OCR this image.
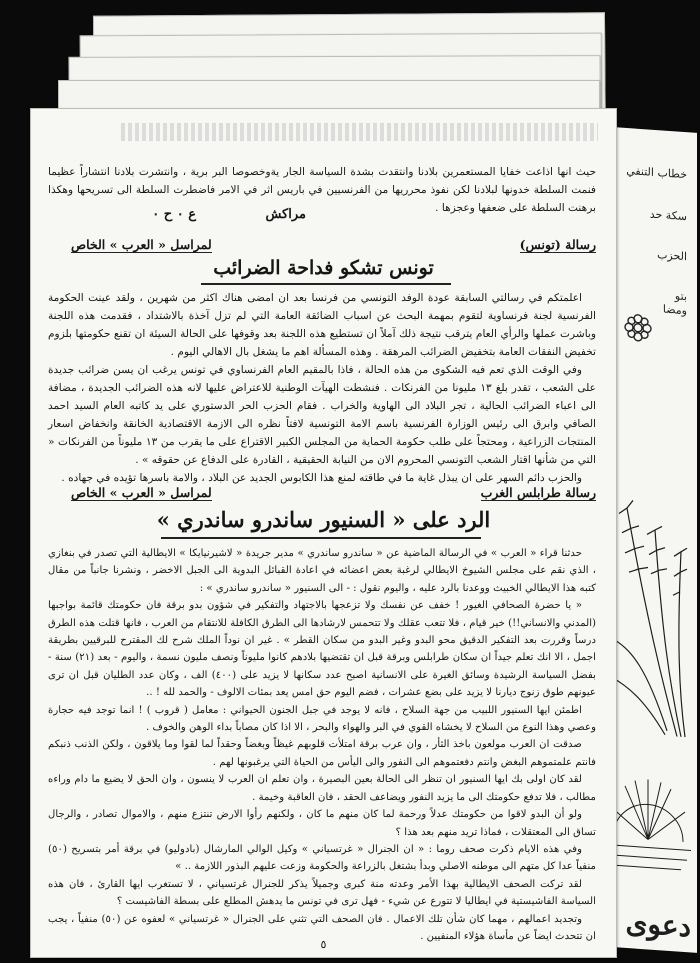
خطاب التنفي
سكة حد
الحزب
بتو
ومضا
دعوى

حيث انها اذاعت خفايا المستعمرين بلادنا وانتقدت بشدة السياسة الجار يةوخصوصا البر برية ، وانتشرت بلادنا انتشاراً عظيما فنمت السلطة خدونها لبلادنا لكن نفوذ محرريها من الفرنسيين في باريس اثر في الامر فاضطرت السلطة الى تسريحها وهكذا برهنت السلطة على ضعفها وعجزها .

مراكش
ع ٠ ح ٠
رسالة (تونس)
لمراسل « العرب » الخاص
تونس تشكو فداحة الضرائب

اعلمتكم في رسالتي السابقة عودة الوفد التونسي من فرنسا بعد ان امضى هناك اكثر من شهرين ، ولقد عينت الحكومة الفرنسية لجنة فرنساوية لتقوم بمهمة البحث عن اسباب الضائقة العامة التي لم تزل آخذة بالاشتداد ، فقدمت هذه اللجنة وباشرت عملها والرأي العام يترقب نتيجة ذلك آملاً ان تستطيع هذه اللجنة بعد وقوفها على الحالة السيئة ان تقنع حكومتها بلزوم تخفيض النفقات العامة بتخفيض الضرائب المرهقة . وهذه المسألة اهم ما يشغل بال الاهالي اليوم .

وفي الوقت الذي تعم فيه الشكوى من هذه الحالة ، فاذا بالمقيم العام الفرنساوي في تونس يرغب ان يسن ضرائب جديدة على الشعب ، تقدر بلغ ١٣ مليونا من الفرنكات . فنشطت الهيآت الوطنية للاعتراض عليها لانه هذه الضرائب الجديدة ، مضافة الى اعباء الضرائب الحالية ، تجر البلاد الى الهاوية والخراب . فقام الحزب الحر الدستوري على يد كاتبه العام السيد احمد الصافي وابرق الى رئيس الوزارة الفرنسية باسم الامة التونسية لافتاً نظره الى الازمة الاقتصادية الخانقة وانخفاض اسعار المنتجات الزراعية ، ومحتجاً على طلب حكومة الحماية من المجلس الكبير الاقتراع على ما يقرب من ١٣ مليوناً من الفرنكات « التي من شأنها اقتار الشعب التونسي المحروم الان من النيابة الحقيقية ، القادرة على الدفاع عن حقوقه » .

والحزب دائم السهر على ان يبذل غاية ما في طاقته لمنع هذا الكابوس الجديد عن البلاد ، والامة باسرها تؤيده في جهاده .

رسالة طرابلس الغرب
لمراسل « العرب » الخاص
الرد على « السنيور ساندرو ساندري »

حدثنا قراء « العرب » في الرسالة الماضية عن « ساندرو ساندري » مدير جريدة « لاشيرنيايكا » الايطالية التي تصدر في بنغازي ، الذي نقم على مجلس الشيوخ الايطالي لرغبة بعض اعضائه في اعادة القبائل البدوية الى الجبل الاخضر ، ونشرنا جانباً من مقال كتبه هذا الايطالي الخبيث ووعدنا بالرد عليه ، واليوم نقول : - الى السنيور « ساندرو ساندري » :

« يا حضرة الصحافي الغيور ! خفف عن نفسك ولا تزعجها بالاجتهاد والتفكير في شؤون بدو برقة فان حكومتك قائمة بواجبها (المدني والانساني!!) خير قيام ، فلا تتعب عقلك ولا تتحمس لارشادها الى الطرق الكافلة للانتقام من العرب ، فانها قتلت هذه الطرق درساً وقررت بعد التفكير الدقيق محو البدو وغير البدو من سكان القطر » . غير ان نوداً الملك شرح لك المقترح للبرقيين بطريقة اجمل ، الا انك تعلم جيداً ان سكان طرابلس وبرقة قبل ان تقتضيها بلادهم كانوا مليوناً ونصف مليون نسمة ، واليوم - بعد (٢١) سنة - بفضل السياسة الرشيدة وسائق الغيرة على الانسانية اصبح عدد سكانها لا يزيد على (٤٠٠) الف ، وكان عدد الطليان قبل ان ترى عيونهم طوق زنوج ديارنا لا يزيد على بضع عشرات ، فضم اليوم حق امس يعد بمئات الالوف - والحمد لله ! ..

اطمئن ايها السنيور اللبيب من جهة السلاح ، فانه لا يوجد في جبل الجنون الحيواني : معامل ( قروب ) ! انما توجد فيه حجارة وعصي وهذا النوع من السلاح لا يخشاه القوي في البر والهواء والبحر ، الا اذا كان مصاباً بداء الوهن والخوف .

صدقت ان العرب مولعون باخذ الثأر ، وان عرب برقة امتلأت قلوبهم غيظاً وبغضاً وحقداً لما لقوا وما يلاقون ، ولكن الذنب ذنبكم فانتم علمتموهم البغض وانتم دفعتموهم الى النفور والى اليأس من الحياة التي يرغبونها لهم .

لقد كان اولى بك ايها السنيور ان تنظر الى الحالة بعين البصيرة ، وان تعلم ان العرب لا ينسون ، وان الحق لا يضيع ما دام وراءه مطالب ، فلا تدفع حكومتك الى ما يزيد النفور ويضاعف الحقد ، فان العاقبة وخيمة .

ولو أن البدو لاقوا من حكومتك عدلاً ورحمة لما كان منهم ما كان ، ولكنهم رأوا الارض تنتزع منهم ، والاموال تصادر ، والرجال تساق الى المعتقلات ، فماذا تريد منهم بعد هذا ؟

وفي هذه الايام ذكرت صحف روما : « ان الجنرال « غرتسياني » وكيل الوالي المارشال (بادوليو) في برقة أمر بتسريح (٥٠) منفياً عدا كل متهم الى موطنه الاصلي وبدأ بشتغل بالزراعة والحكومة وزعت عليهم البذور اللازمة .. »

لقد تركت الصحف الايطالية بهذا الأمر وعدته منة كبرى وجميلاً يذكر للجنرال غرتسياني ، لا تستغرب ايها القارئ ، فان هذه السياسة الفاشيستية في ايطاليا لا تتورع عن شيء - فهل ترى في تونس ما يدهش المطلع على بسطة الفاشيست ؟

وتجديد اعمالهم ، مهما كان شأن تلك الاعمال . فان الصحف التي تثني على الجنرال « غرتسياني » لعفوه عن (٥٠) منفياً ، يجب ان تتحدث ايضاً عن مأساة هؤلاء المنفيين .

٥
